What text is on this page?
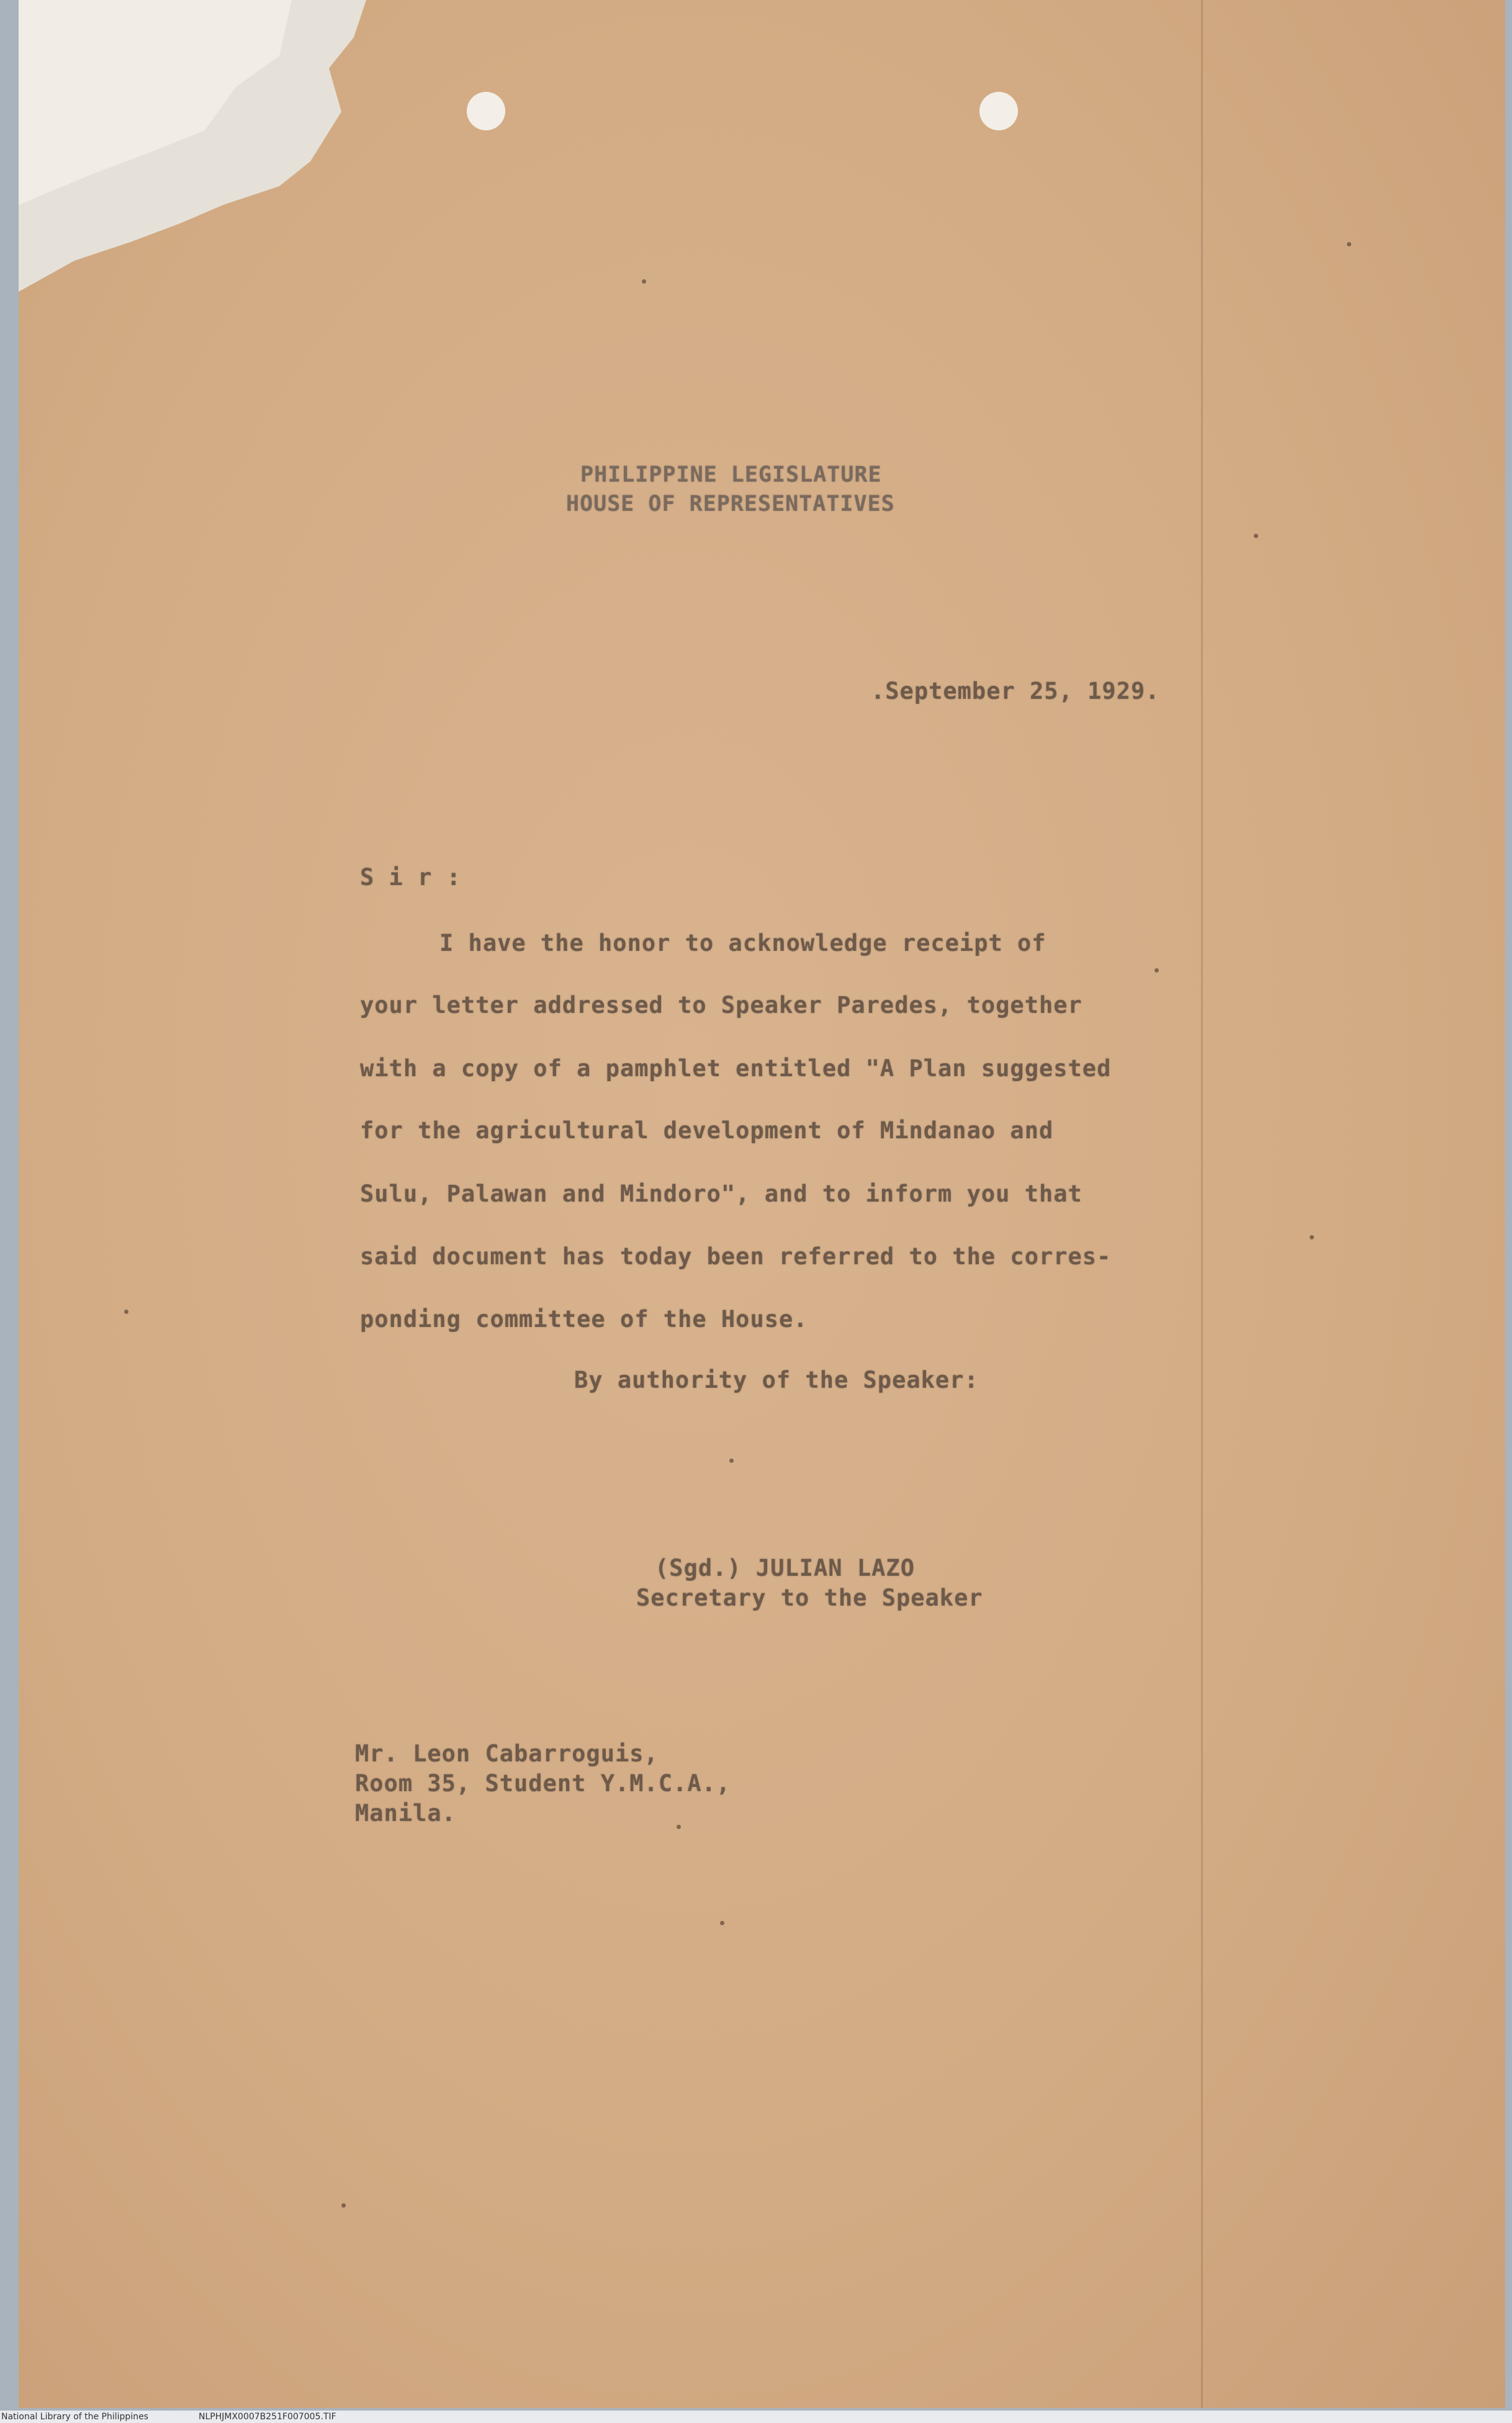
PHILIPPINE LEGISLATURE
HOUSE OF REPRESENTATIVES
.September 25, 1929.
S i r :
I have the honor to acknowledge receipt of
your letter addressed to Speaker Paredes, together
with a copy of a pamphlet entitled "A Plan suggested
for the agricultural development of Mindanao and
Sulu, Palawan and Mindoro", and to inform you that
said document has today been referred to the corres-
ponding committee of the House.
By authority of the Speaker:
(Sgd.) JULIAN LAZO
Secretary to the Speaker
Mr. Leon Cabarroguis,
Room 35, Student Y.M.C.A.,
Manila.
National Library of the Philippines	NLPHJMX0007B251F007005.TIF
